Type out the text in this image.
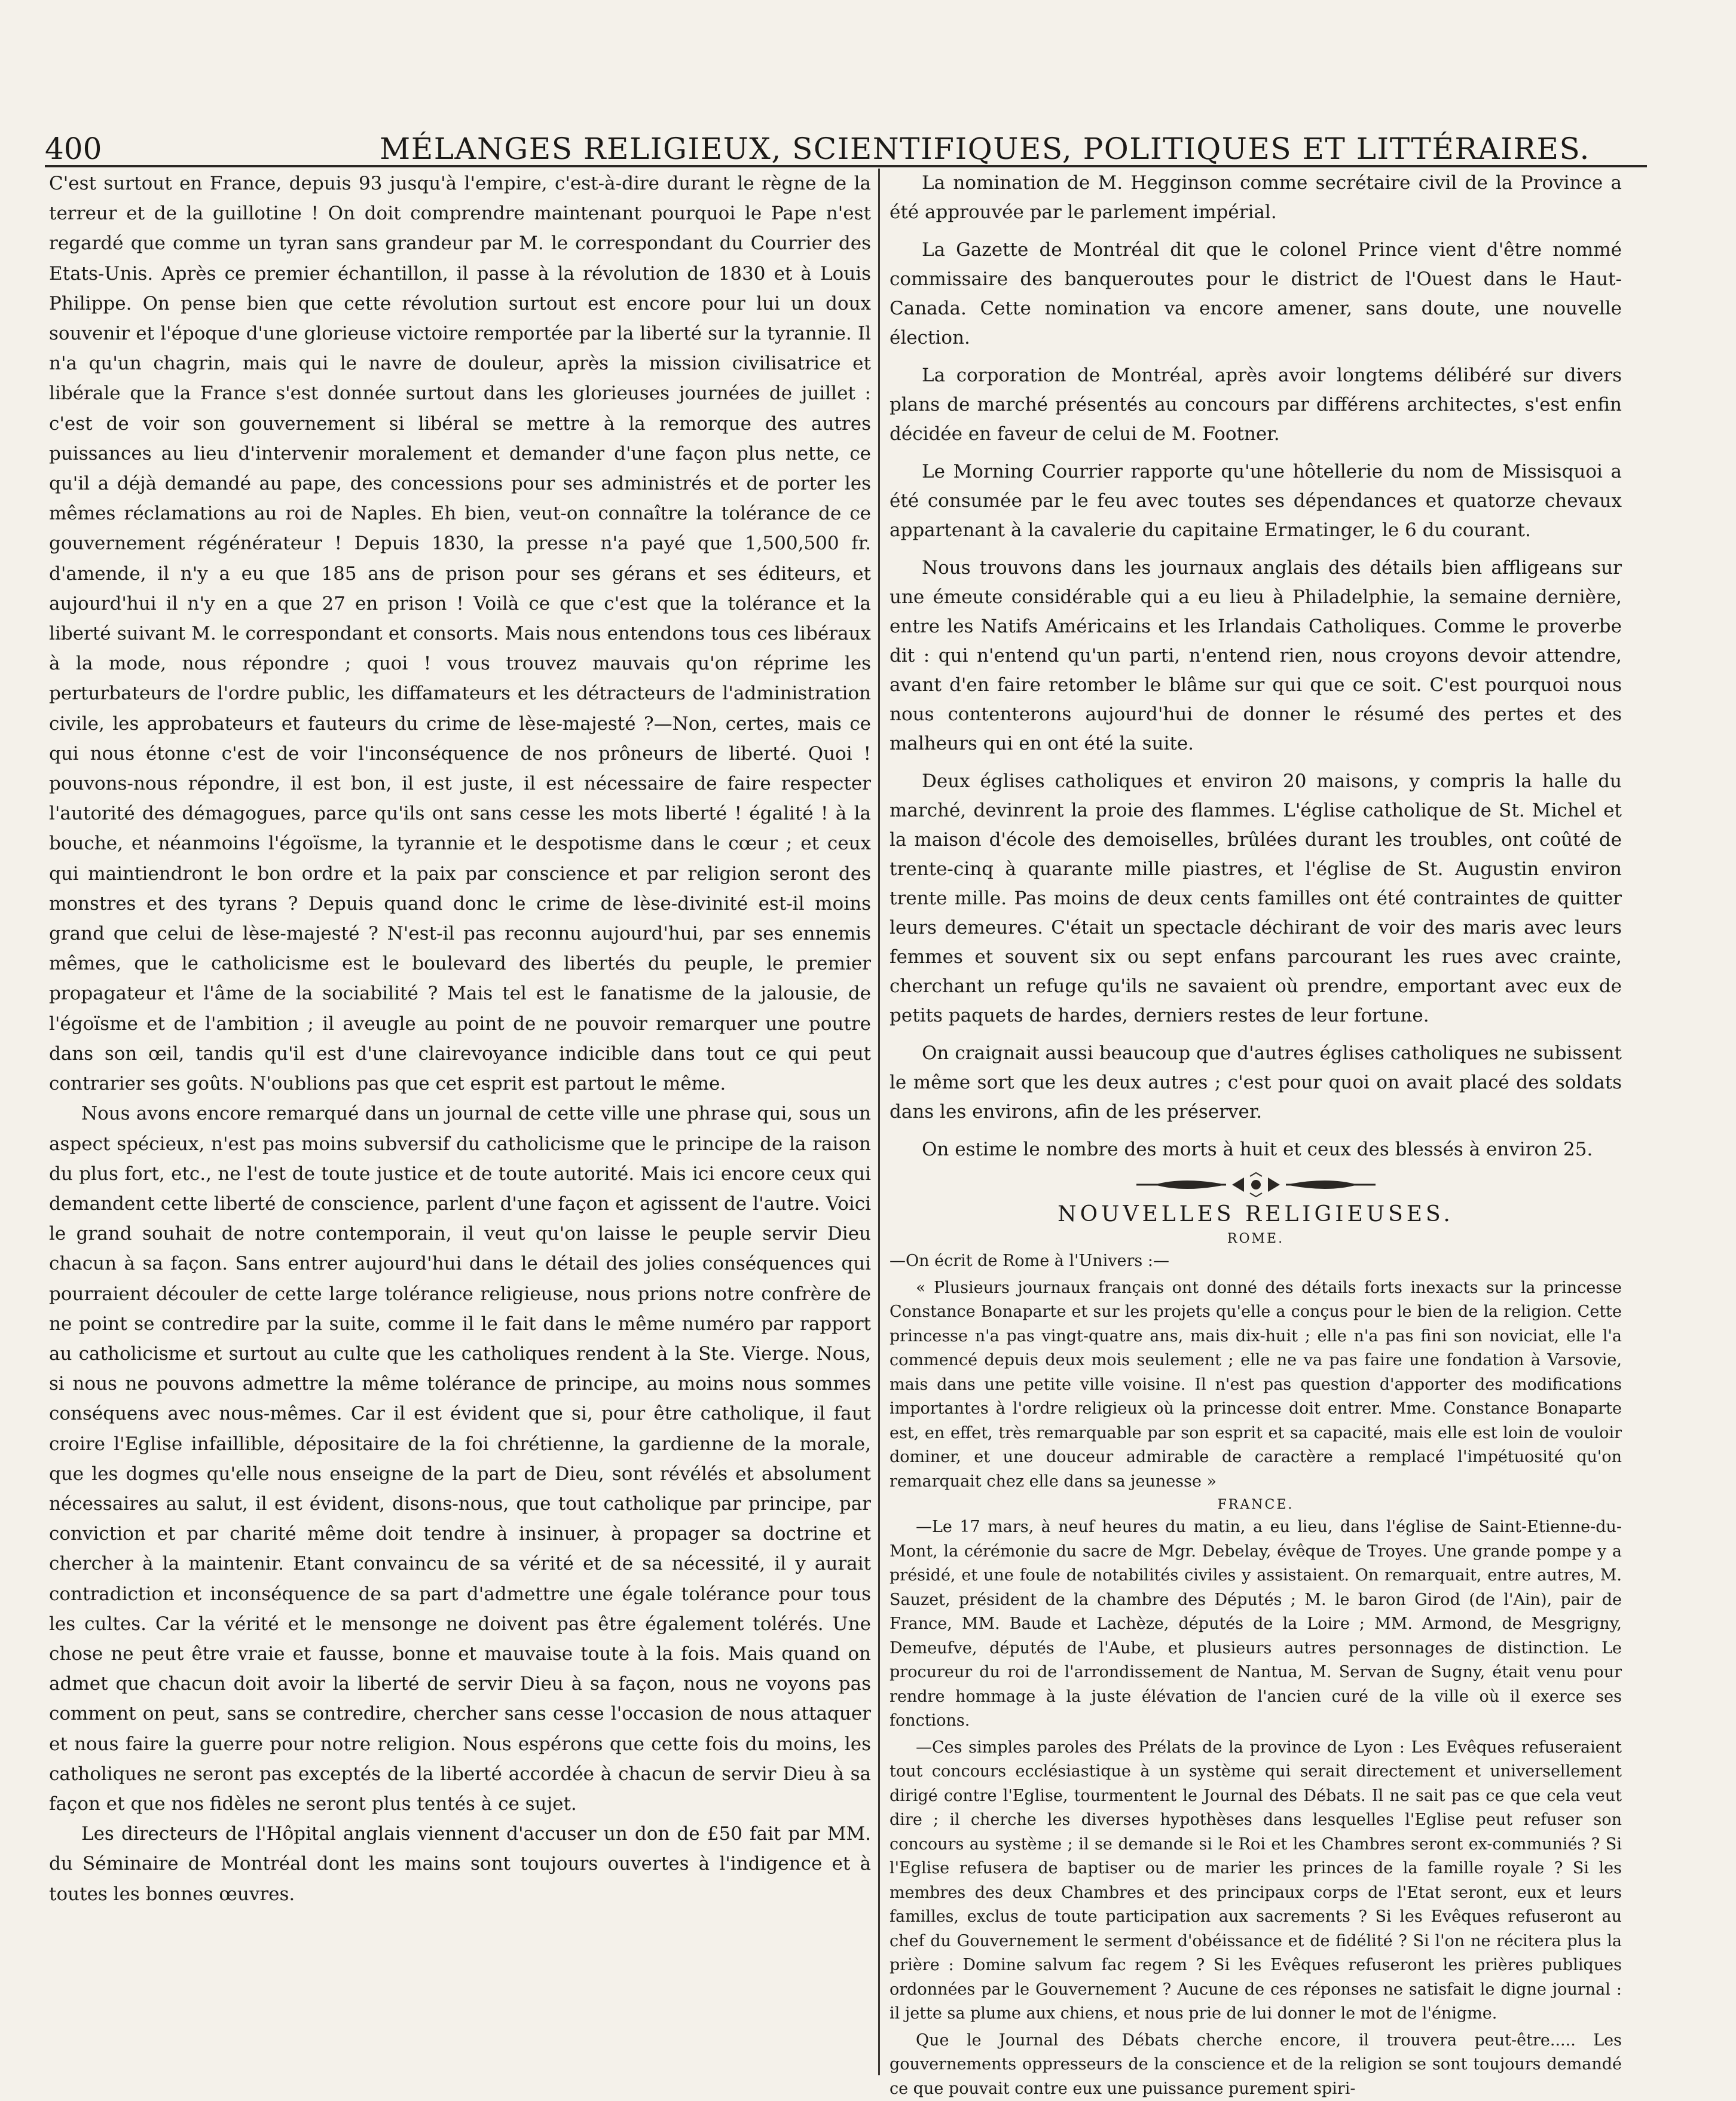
400	MÉLANGES RELIGIEUX, SCIENTIFIQUES, POLITIQUES ET LITTÉRAIRES.

C'est surtout en France, depuis 93 jusqu'à l'empire, c'est-à-dire durant le règne de la terreur et de la guillotine ! On doit comprendre maintenant pourquoi le Pape n'est regardé que comme un tyran sans grandeur par M. le correspondant du Courrier des Etats-Unis. Après ce premier échantillon, il passe à la révolution de 1830 et à Louis Philippe. On pense bien que cette révolution surtout est encore pour lui un doux souvenir et l'époque d'une glorieuse victoire remportée par la liberté sur la tyrannie. Il n'a qu'un chagrin, mais qui le navre de douleur, après la mission civilisatrice et libérale que la France s'est donnée surtout dans les glorieuses journées de juillet : c'est de voir son gouvernement si libéral se mettre à la remorque des autres puissances au lieu d'intervenir moralement et demander d'une façon plus nette, ce qu'il a déjà demandé au pape, des concessions pour ses administrés et de porter les mêmes réclamations au roi de Naples. Eh bien, veut-on connaître la tolérance de ce gouvernement régénérateur ! Depuis 1830, la presse n'a payé que 1,500,500 fr. d'amende, il n'y a eu que 185 ans de prison pour ses gérans et ses éditeurs, et aujourd'hui il n'y en a que 27 en prison ! Voilà ce que c'est que la tolérance et la liberté suivant M. le correspondant et consorts. Mais nous entendons tous ces libéraux à la mode, nous répondre ; quoi ! vous trouvez mauvais qu'on réprime les perturbateurs de l'ordre public, les diffamateurs et les détracteurs de l'administration civile, les approbateurs et fauteurs du crime de lèse-majesté ?—Non, certes, mais ce qui nous étonne c'est de voir l'inconséquence de nos prôneurs de liberté. Quoi ! pouvons-nous répondre, il est bon, il est juste, il est nécessaire de faire respecter l'autorité des démagogues, parce qu'ils ont sans cesse les mots liberté ! égalité ! à la bouche, et néanmoins l'égoïsme, la tyrannie et le despotisme dans le cœur ; et ceux qui maintiendront le bon ordre et la paix par conscience et par religion seront des monstres et des tyrans ? Depuis quand donc le crime de lèse-divinité est-il moins grand que celui de lèse-majesté ? N'est-il pas reconnu aujourd'hui, par ses ennemis mêmes, que le catholicisme est le boulevard des libertés du peuple, le premier propagateur et l'âme de la sociabilité ? Mais tel est le fanatisme de la jalousie, de l'égoïsme et de l'ambition ; il aveugle au point de ne pouvoir remarquer une poutre dans son œil, tandis qu'il est d'une clairevoyance indicible dans tout ce qui peut contrarier ses goûts. N'oublions pas que cet esprit est partout le même.

Nous avons encore remarqué dans un journal de cette ville une phrase qui, sous un aspect spécieux, n'est pas moins subversif du catholicisme que le principe de la raison du plus fort, etc., ne l'est de toute justice et de toute autorité. Mais ici encore ceux qui demandent cette liberté de conscience, parlent d'une façon et agissent de l'autre. Voici le grand souhait de notre contemporain, il veut qu'on laisse le peuple servir Dieu chacun à sa façon. Sans entrer aujourd'hui dans le détail des jolies conséquences qui pourraient découler de cette large tolérance religieuse, nous prions notre confrère de ne point se contredire par la suite, comme il le fait dans le même numéro par rapport au catholicisme et surtout au culte que les catholiques rendent à la Ste. Vierge. Nous, si nous ne pouvons admettre la même tolérance de principe, au moins nous sommes conséquens avec nous-mêmes. Car il est évident que si, pour être catholique, il faut croire l'Eglise infaillible, dépositaire de la foi chrétienne, la gardienne de la morale, que les dogmes qu'elle nous enseigne de la part de Dieu, sont révélés et absolument nécessaires au salut, il est évident, disons-nous, que tout catholique par principe, par conviction et par charité même doit tendre à insinuer, à propager sa doctrine et chercher à la maintenir. Etant convaincu de sa vérité et de sa nécessité, il y aurait contradiction et inconséquence de sa part d'admettre une égale tolérance pour tous les cultes. Car la vérité et le mensonge ne doivent pas être également tolérés. Une chose ne peut être vraie et fausse, bonne et mauvaise toute à la fois. Mais quand on admet que chacun doit avoir la liberté de servir Dieu à sa façon, nous ne voyons pas comment on peut, sans se contredire, chercher sans cesse l'occasion de nous attaquer et nous faire la guerre pour notre religion. Nous espérons que cette fois du moins, les catholiques ne seront pas exceptés de la liberté accordée à chacun de servir Dieu à sa façon et que nos fidèles ne seront plus tentés à ce sujet.

Les directeurs de l'Hôpital anglais viennent d'accuser un don de £50 fait par MM. du Séminaire de Montréal dont les mains sont toujours ouvertes à l'indigence et à toutes les bonnes œuvres.

La nomination de M. Hegginson comme secrétaire civil de la Province a été approuvée par le parlement impérial.

La Gazette de Montréal dit que le colonel Prince vient d'être nommé commissaire des banqueroutes pour le district de l'Ouest dans le Haut-Canada. Cette nomination va encore amener, sans doute, une nouvelle élection.

La corporation de Montréal, après avoir longtems délibéré sur divers plans de marché présentés au concours par différens architectes, s'est enfin décidée en faveur de celui de M. Footner.

Le Morning Courrier rapporte qu'une hôtellerie du nom de Missisquoi a été consumée par le feu avec toutes ses dépendances et quatorze chevaux appartenant à la cavalerie du capitaine Ermatinger, le 6 du courant.

Nous trouvons dans les journaux anglais des détails bien affligeans sur une émeute considérable qui a eu lieu à Philadelphie, la semaine dernière, entre les Natifs Américains et les Irlandais Catholiques. Comme le proverbe dit : qui n'entend qu'un parti, n'entend rien, nous croyons devoir attendre, avant d'en faire retomber le blâme sur qui que ce soit. C'est pourquoi nous nous contenterons aujourd'hui de donner le résumé des pertes et des malheurs qui en ont été la suite.

Deux églises catholiques et environ 20 maisons, y compris la halle du marché, devinrent la proie des flammes. L'église catholique de St. Michel et la maison d'école des demoiselles, brûlées durant les troubles, ont coûté de trente-cinq à quarante mille piastres, et l'église de St. Augustin environ trente mille. Pas moins de deux cents familles ont été contraintes de quitter leurs demeures. C'était un spectacle déchirant de voir des maris avec leurs femmes et souvent six ou sept enfans parcourant les rues avec crainte, cherchant un refuge qu'ils ne savaient où prendre, emportant avec eux de petits paquets de hardes, derniers restes de leur fortune.

On craignait aussi beaucoup que d'autres églises catholiques ne subissent le même sort que les deux autres ; c'est pour quoi on avait placé des soldats dans les environs, afin de les préserver.

On estime le nombre des morts à huit et ceux des blessés à environ 25.

NOUVELLES RELIGIEUSES.
ROME.

—On écrit de Rome à l'Univers :—

« Plusieurs journaux français ont donné des détails forts inexacts sur la princesse Constance Bonaparte et sur les projets qu'elle a conçus pour le bien de la religion. Cette princesse n'a pas vingt-quatre ans, mais dix-huit ; elle n'a pas fini son noviciat, elle l'a commencé depuis deux mois seulement ; elle ne va pas faire une fondation à Varsovie, mais dans une petite ville voisine. Il n'est pas question d'apporter des modifications importantes à l'ordre religieux où la princesse doit entrer. Mme. Constance Bonaparte est, en effet, très remarquable par son esprit et sa capacité, mais elle est loin de vouloir dominer, et une douceur admirable de caractère a remplacé l'impétuosité qu'on remarquait chez elle dans sa jeunesse »

FRANCE.

—Le 17 mars, à neuf heures du matin, a eu lieu, dans l'église de Saint-Etienne-du-Mont, la cérémonie du sacre de Mgr. Debelay, évêque de Troyes. Une grande pompe y a présidé, et une foule de notabilités civiles y assistaient. On remarquait, entre autres, M. Sauzet, président de la chambre des Députés ; M. le baron Girod (de l'Ain), pair de France, MM. Baude et Lachèze, députés de la Loire ; MM. Armond, de Mesgrigny, Demeufve, députés de l'Aube, et plusieurs autres personnages de distinction. Le procureur du roi de l'arrondissement de Nantua, M. Servan de Sugny, était venu pour rendre hommage à la juste élévation de l'ancien curé de la ville où il exerce ses fonctions.

—Ces simples paroles des Prélats de la province de Lyon : Les Evêques refuseraient tout concours ecclésiastique à un système qui serait directement et universellement dirigé contre l'Eglise, tourmentent le Journal des Débats. Il ne sait pas ce que cela veut dire ; il cherche les diverses hypothèses dans lesquelles l'Eglise peut refuser son concours au système ; il se demande si le Roi et les Chambres seront ex-communiés ? Si l'Eglise refusera de baptiser ou de marier les princes de la famille royale ? Si les membres des deux Chambres et des principaux corps de l'Etat seront, eux et leurs familles, exclus de toute participation aux sacrements ? Si les Evêques refuseront au chef du Gouvernement le serment d'obéissance et de fidélité ? Si l'on ne récitera plus la prière : Domine salvum fac regem ? Si les Evêques refuseront les prières publiques ordonnées par le Gouvernement ? Aucune de ces réponses ne satisfait le digne journal : il jette sa plume aux chiens, et nous prie de lui donner le mot de l'énigme.

Que le Journal des Débats cherche encore, il trouvera peut-être..... Les gouvernements oppresseurs de la conscience et de la religion se sont toujours demandé ce que pouvait contre eux une puissance purement spiri-
